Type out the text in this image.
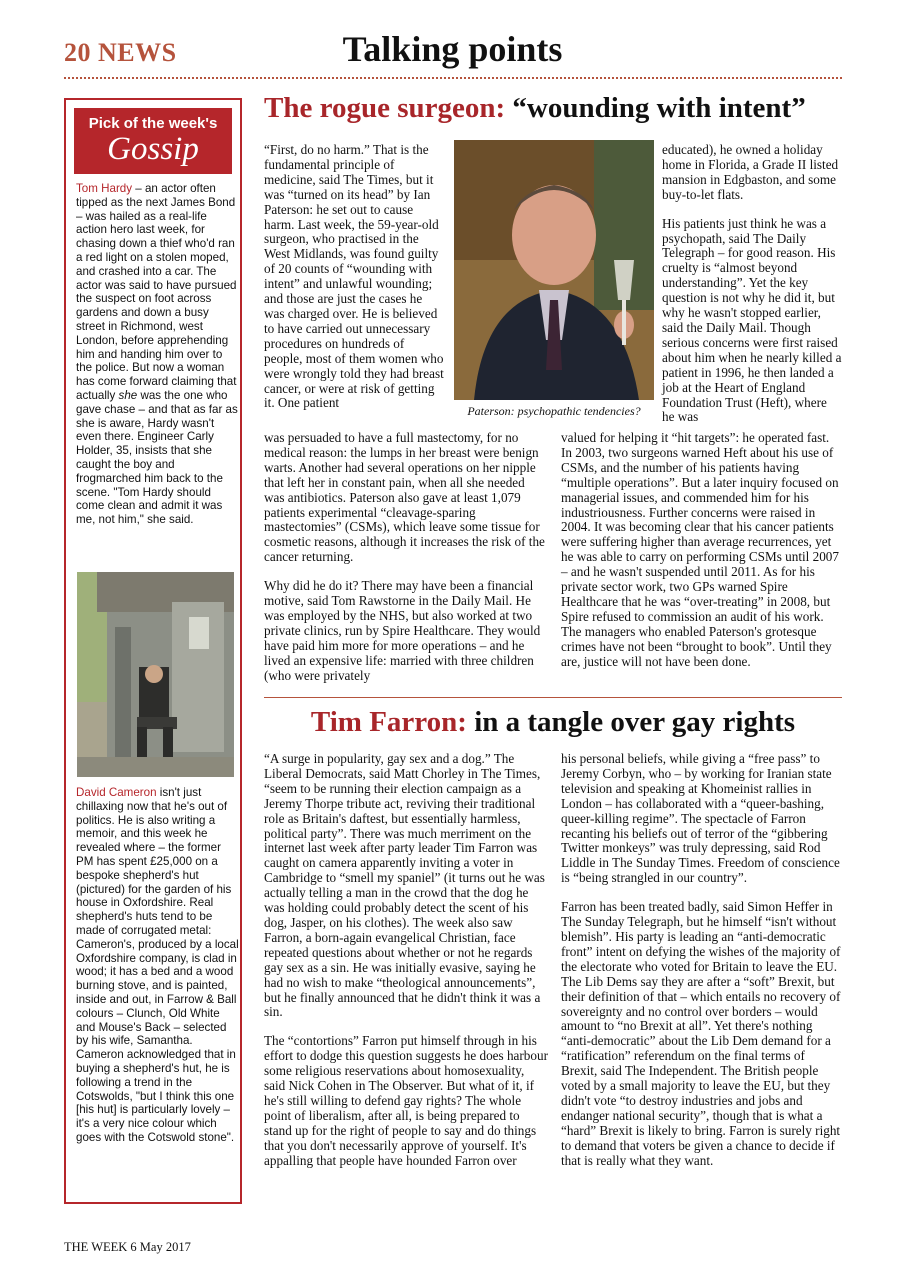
20 NEWS	Talking points
Pick of the week's
Gossip
Tom Hardy – an actor often tipped as the next James Bond – was hailed as a real-life action hero last week, for chasing down a thief who'd ran a red light on a stolen moped, and crashed into a car. The actor was said to have pursued the suspect on foot across gardens and down a busy street in Richmond, west London, before apprehending him and handing him over to the police. But now a woman has come forward claiming that actually she was the one who gave chase – and that as far as she is aware, Hardy wasn't even there. Engineer Carly Holder, 35, insists that she caught the boy and frogmarched him back to the scene. "Tom Hardy should come clean and admit it was me, not him," she said.
David Cameron isn't just chillaxing now that he's out of politics. He is also writing a memoir, and this week he revealed where – the former PM has spent £25,000 on a bespoke shepherd's hut (pictured) for the garden of his house in Oxfordshire. Real shepherd's huts tend to be made of corrugated metal: Cameron's, produced by a local Oxfordshire company, is clad in wood; it has a bed and a wood burning stove, and is painted, inside and out, in Farrow & Ball colours – Clunch, Old White and Mouse's Back – selected by his wife, Samantha. Cameron acknowledged that in buying a shepherd's hut, he is following a trend in the Cotswolds, "but I think this one [his hut] is particularly lovely – it's a very nice colour which goes with the Cotswold stone".
The rogue surgeon: “wounding with intent”
Paterson: psychopathic tendencies?

“First, do no harm.” That is the fundamental principle of medicine, said The Times, but it was “turned on its head” by Ian Paterson: he set out to cause harm. Last week, the 59-year-old surgeon, who practised in the West Midlands, was found guilty of 20 counts of “wounding with intent” and unlawful wounding; and those are just the cases he was charged over. He is believed to have carried out unnecessary procedures on hundreds of people, most of them women who were wrongly told they had breast cancer, or were at risk of getting it. One patient

was persuaded to have a full mastectomy, for no medical reason: the lumps in her breast were benign warts. Another had several operations on her nipple that left her in constant pain, when all she needed was antibiotics. Paterson also gave at least 1,079 patients experimental “cleavage-sparing mastectomies” (CSMs), which leave some tissue for cosmetic reasons, although it increases the risk of the cancer returning.

Why did he do it? There may have been a financial motive, said Tom Rawstorne in the Daily Mail. He was employed by the NHS, but also worked at two private clinics, run by Spire Healthcare. They would have paid him more for more operations – and he lived an expensive life: married with three children (who were privately

educated), he owned a holiday home in Florida, a Grade II listed mansion in Edgbaston, and some buy-to-let flats.

His patients just think he was a psychopath, said The Daily Telegraph – for good reason. His cruelty is “almost beyond understanding”. Yet the key question is not why he did it, but why he wasn't stopped earlier, said the Daily Mail. Though serious concerns were first raised about him when he nearly killed a patient in 1996, he then landed a job at the Heart of England Foundation Trust (Heft), where he was

valued for helping it “hit targets”: he operated fast. In 2003, two surgeons warned Heft about his use of CSMs, and the number of his patients having “multiple operations”. But a later inquiry focused on managerial issues, and commended him for his industriousness. Further concerns were raised in 2004. It was becoming clear that his cancer patients were suffering higher than average recurrences, yet he was able to carry on performing CSMs until 2007 – and he wasn't suspended until 2011. As for his private sector work, two GPs warned Spire Healthcare that he was “over-treating” in 2008, but Spire refused to commission an audit of his work. The managers who enabled Paterson's grotesque crimes have not been “brought to book”. Until they are, justice will not have been done.

Tim Farron: in a tangle over gay rights

“A surge in popularity, gay sex and a dog.” The Liberal Democrats, said Matt Chorley in The Times, “seem to be running their election campaign as a Jeremy Thorpe tribute act, reviving their traditional role as Britain's daftest, but essentially harmless, political party”. There was much merriment on the internet last week after party leader Tim Farron was caught on camera apparently inviting a voter in Cambridge to “smell my spaniel” (it turns out he was actually telling a man in the crowd that the dog he was holding could probably detect the scent of his dog, Jasper, on his clothes). The week also saw Farron, a born-again evangelical Christian, face repeated questions about whether or not he regards gay sex as a sin. He was initially evasive, saying he had no wish to make “theological announcements”, but he finally announced that he didn't think it was a sin.

The “contortions” Farron put himself through in his effort to dodge this question suggests he does harbour some religious reservations about homosexuality, said Nick Cohen in The Observer. But what of it, if he's still willing to defend gay rights? The whole point of liberalism, after all, is being prepared to stand up for the right of people to say and do things that you don't necessarily approve of yourself. It's appalling that people have hounded Farron over

his personal beliefs, while giving a “free pass” to Jeremy Corbyn, who – by working for Iranian state television and speaking at Khomeinist rallies in London – has collaborated with a “queer-bashing, queer-killing regime”. The spectacle of Farron recanting his beliefs out of terror of the “gibbering Twitter monkeys” was truly depressing, said Rod Liddle in The Sunday Times. Freedom of conscience is “being strangled in our country”.

Farron has been treated badly, said Simon Heffer in The Sunday Telegraph, but he himself “isn't without blemish”. His party is leading an “anti-democratic front” intent on defying the wishes of the majority of the electorate who voted for Britain to leave the EU. The Lib Dems say they are after a “soft” Brexit, but their definition of that – which entails no recovery of sovereignty and no control over borders – would amount to “no Brexit at all”. Yet there's nothing “anti-democratic” about the Lib Dem demand for a “ratification” referendum on the final terms of Brexit, said The Independent. The British people voted by a small majority to leave the EU, but they didn't vote “to destroy industries and jobs and endanger national security”, though that is what a “hard” Brexit is likely to bring. Farron is surely right to demand that voters be given a chance to decide if that is really what they want.

THE WEEK 6 May 2017
